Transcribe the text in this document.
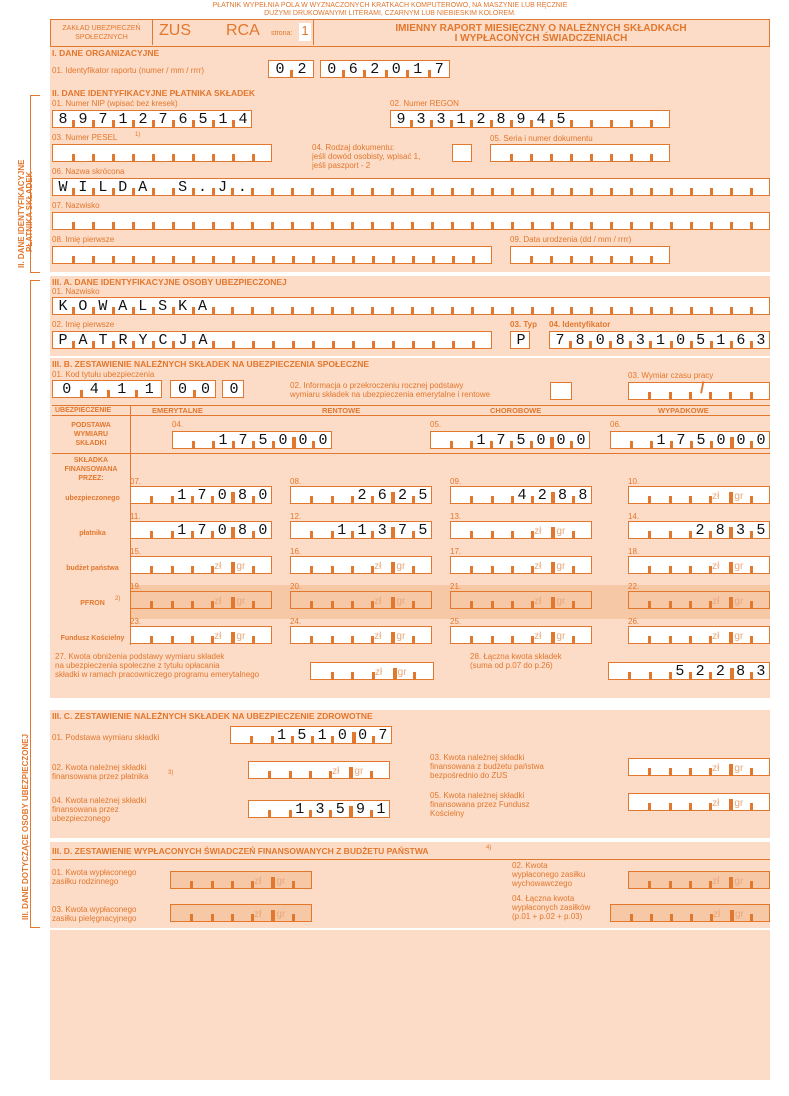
PŁATNIK WYPEŁNIA POLA W WYZNACZONYCH KRATKACH KOMPUTEROWO, NA MASZYNIE LUB RĘCZNIE
DUŻYMI DRUKOWANYMI LITERAMI, CZARNYM LUB NIEBIESKIM KOLOREM.
ZAKŁAD UBEZPIECZEŃ
SPOŁECZNYCH	ZUS RCA strona: 1	IMIENNY RAPORT MIESIĘCZNY O NALEŻNYCH SKŁADKACH
I WYPŁACONYCH ŚWIADCZENIACH
I. DANE ORGANIZACYJNE
01. Identyfikator raportu (numer / mm / rrrr)	0 2	0 6 2 0 1 7
II. DANE IDENTYFIKACYJNE PŁATNIKA SKŁADEK
II. DANE IDENTYFIKACYJNE PŁATNIKA SKŁADEK
01. Numer NIP (wpisać bez kresek)
8 9 7 1 2 7 6 5 1 4
02. Numer REGON
9 3 3 1 2 8 9 4 5
03. Numer PESEL	1)
04. Rodzaj dokumentu:
jeśli dowód osobisty, wpisać 1,
jeśli paszport - 2
05. Seria i numer dokumentu
06. Nazwa skrócona
W I L D A	S . J .
07. Nazwisko
08. Imię pierwsze	09. Data urodzenia (dd / mm / rrrr)
III. DANE DOTYCZĄCE OSOBY UBEZPIECZONEJ
III. A. DANE IDENTYFIKACYJNE OSOBY UBEZPIECZONEJ
01. Nazwisko
K O W A L S K A
02. Imię pierwsze
P A T R Y C J A
03. Typ
P
04. Identyfikator
7 8 0 8 3 1 0 5 1 6 3
III. B. ZESTAWIENIE NALEŻNYCH SKŁADEK NA UBEZPIECZENIA SPOŁECZNE
01. Kod tytułu ubezpieczenia
0	4	1	1	0 0	0	02. Informacja o przekroczeniu rocznej podstawy
wymiaru składek na ubezpieczenia emerytalne i rentowe
03. Wymiar czasu pracy
/
UBEZPIECZENIE	EMERYTALNE	RENTOWE	CHOROBOWE	WYPADKOWE
PODSTAWA
WYMIARU
SKŁADKI
04.
1 7 5 0 0 0
05.
1 7 5 0 0 0
06.
1 7 5 0 0 0
SKŁADKA
FINANSOWANA
PRZEZ:
ubezpieczonego
07.
1 7 0 8 0
08.
2 6 2 5
09.
4 2 8 8
10.
zł gr
płatnika
11.
1 7 0 8 0
12.
1 1 3 7 5
13.
zł gr
14.
2 8 3 5
budżet państwa
15.
zł gr
16.
zł gr
17.
zł gr
18.
zł gr
PFRON
2)
19.
zł gr
20.
zł gr
21.
zł gr
22.
zł gr
Fundusz Kościelny
23.
zł gr
24.
zł gr
25.
zł gr
26.
zł gr
27. Kwota obniżenia podstawy wymiaru składek
na ubezpieczenia społeczne z tytułu opłacania
składki w ramach pracowniczego programu emerytalnego	zł gr
28. Łączna kwota składek
(suma od p.07 do p.26)	5 2 2 8 3
III. C. ZESTAWIENIE NALEŻNYCH SKŁADEK NA UBEZPIECZENIE ZDROWOTNE
01. Podstawa wymiaru składki	1 5 1 0 0 7
02. Kwota należnej składki
finansowana przez płatnika	3)	zł gr
03. Kwota należnej składki
finansowana z budżetu państwa
bezpośrednio do ZUS
zł gr
04. Kwota należnej składki
finansowana przez
ubezpieczonego
1 3 5 9 1
05. Kwota należnej składki
finansowana przez Fundusz
Kościelny
zł gr
III. D. ZESTAWIENIE WYPŁACONYCH ŚWIADCZEŃ FINANSOWANYCH Z BUDŻETU PAŃSTWA	4)
01. Kwota wypłaconego
zasiłku rodzinnego	zł gr
03. Kwota wypłaconego
zasiłku pielęgnacyjnego	zł gr
02. Kwota
wypłaconego zasiłku
wychowawczego	zł gr
04. Łączna kwota
wypłaconych zasiłków
(p.01 + p.02 + p.03)	zł gr
